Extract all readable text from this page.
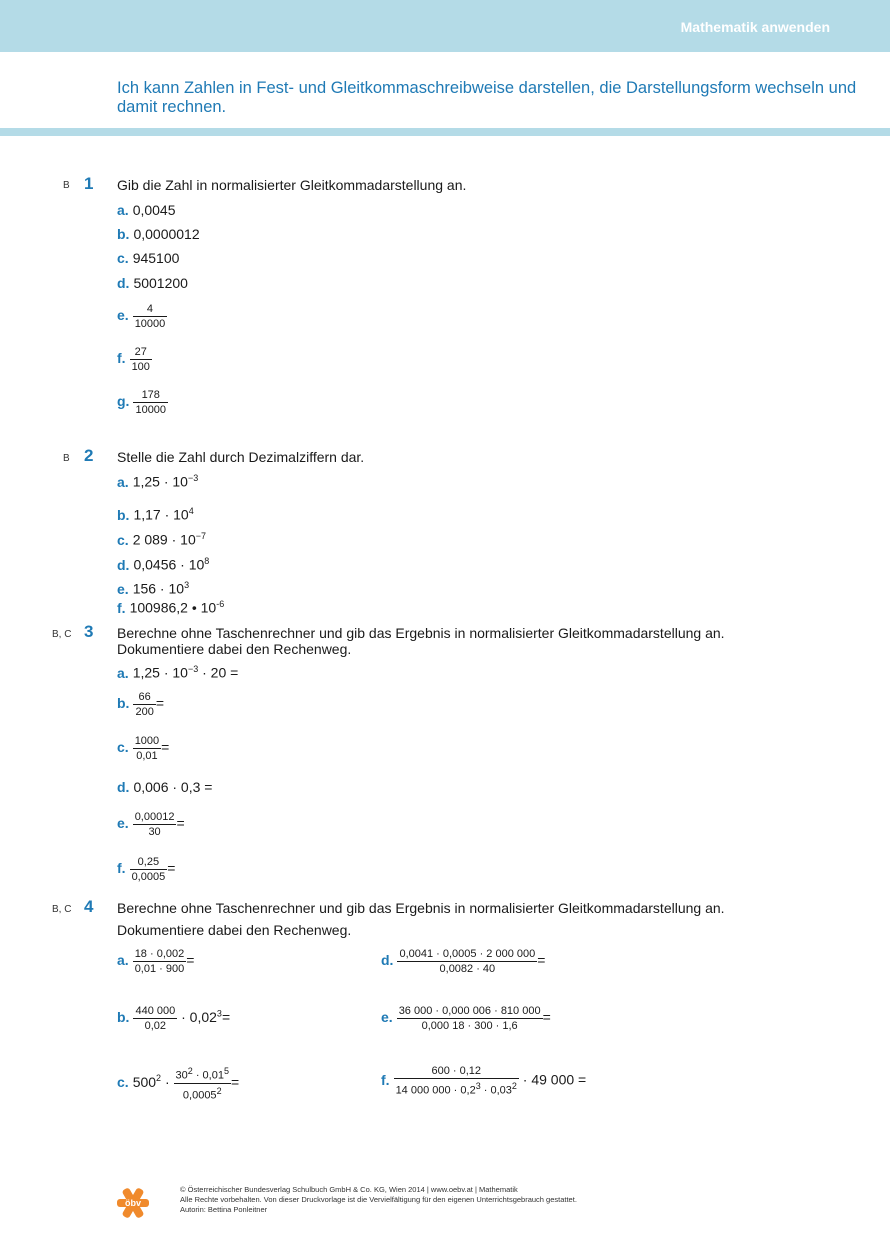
Mathematik anwenden
Ich kann Zahlen in Fest- und Gleitkommaschreibweise darstellen, die Darstellungsform wechseln und damit rechnen.
B 1 Gib die Zahl in normalisierter Gleitkommadarstellung an.
a. 0,0045
b. 0,0000012
c. 945100
d. 5001200
e. $\frac{4}{10000}$
f. $\frac{27}{100}$
g. $\frac{178}{10000}$
B 2 Stelle die Zahl durch Dezimalziffern dar.
a. $1,25 \cdot 10^{-3}$
b. $1,17 \cdot 10^4$
c. 2 $089 \cdot 10^{-7}$
d. $0,0456 \cdot 10^8$
e. $156 \cdot 10^3$
f. 100986,2 • $10^{-6}$
B, C 3 Berechne ohne Taschenrechner und gib das Ergebnis in normalisierter Gleitkommadarstellung an.
Dokumentiere dabei den Rechenweg.
a. $1,25 \cdot 10^{-3} \cdot 20$ =
b. $\frac{66}{200}$ =
c. $\frac{1000}{0,01}$ =
d. 0,006 · 0,3 =
e. $\frac{0,00012}{30}$ =
f. $\frac{0,25}{0,0005}$ =
B, C 4 Berechne ohne Taschenrechner und gib das Ergebnis in normalisierter Gleitkommadarstellung an.
Dokumentiere dabei den Rechenweg.
a. $\frac{18 \cdot 0,002}{0,01 \cdot 900}$ =
b. $\frac{440 000}{0,02} \cdot 0,02^3=$
c. $500^2 \cdot \frac{30^2 \cdot 0,01^5}{0,0005^2}$ =
d. $\frac{0,0041 \cdot 0,0005 \cdot 2 000 000}{0,0082 \cdot 40}$ =
e. $\frac{36 000 \cdot 0,000 006 \cdot 810 000}{0,000 18 \cdot 300 \cdot 1,6}$ =
f. $\frac{600 \cdot 0,12}{14 000 000 \cdot 0,2^3 \cdot 0,03^2} \cdot 49$ 000 =
öbv
© Österreichischer Bundesverlag Schulbuch GmbH & Co. KG, Wien 2014 | www.oebv.at | Mathematik
Alle Rechte vorbehalten. Von dieser Druckvorlage ist die Vervielfältigung für den eigenen Unterrichtsgebrauch gestattet.
Autorin: Bettina Ponleitner
